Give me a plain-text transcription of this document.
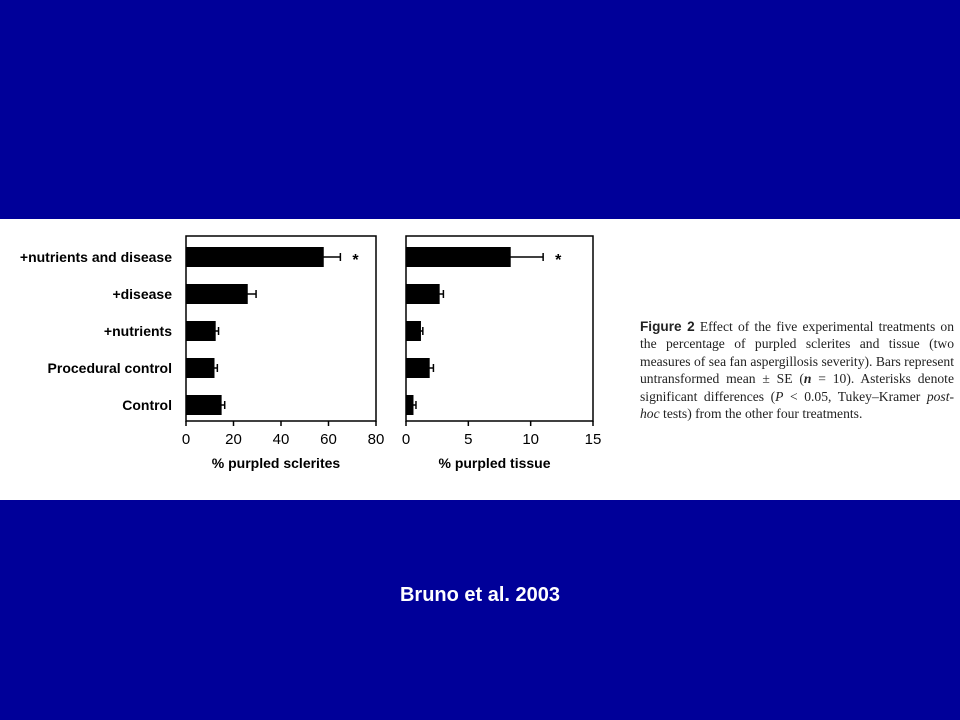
+nutrients and disease
+disease
+nutrients
Procedural control
Control
0 20 40 60 80
*
% purpled sclerites
0	5	10	15
*
% purpled tissue
Figure 2 Effect of the five experimental treatments on the percentage of purpled sclerites and tissue (two measures of sea fan aspergillosis severity). Bars represent untransformed mean ± SE (n = 10). Asterisks denote significant differences (P < 0.05, Tukey–Kramer post-hoc tests) from the other four treatments.
Bruno et al. 2003
